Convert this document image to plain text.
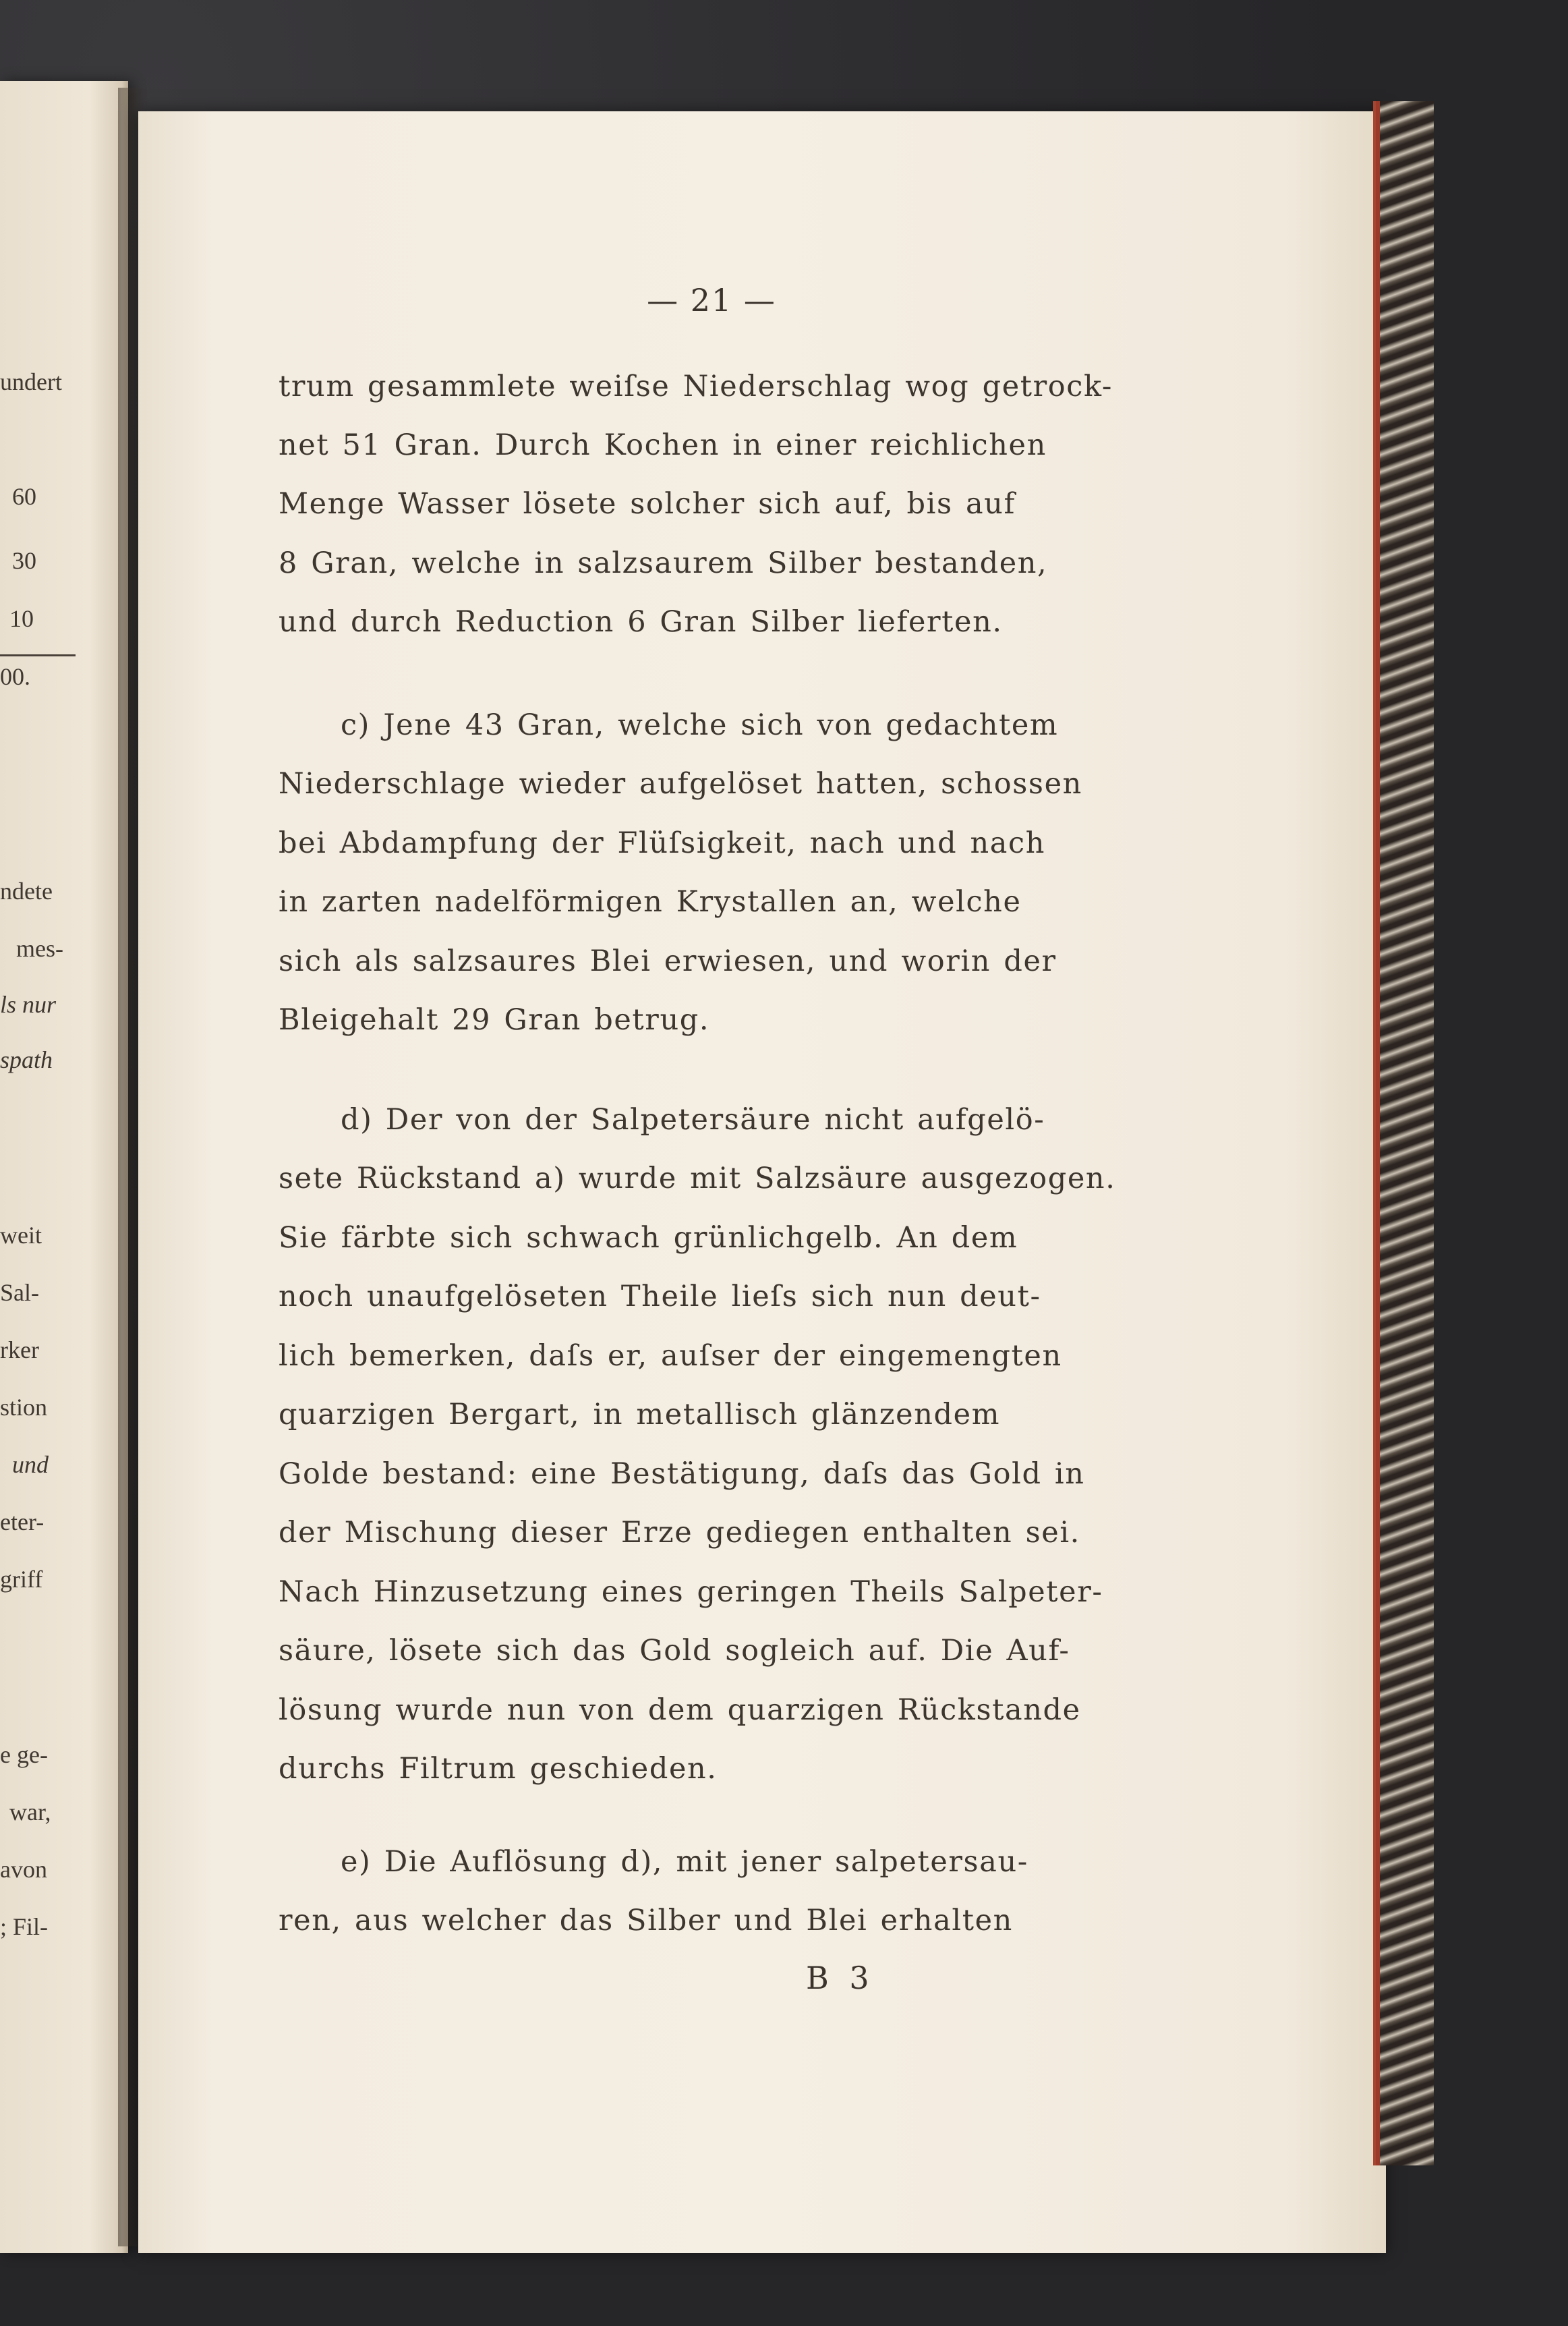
undert
60
30
10
00.
ndete
mes-
ls nur
spath
weit
Sal-
rker
stion
und
eter-
griff
e ge-
war,
avon
; Fil-
— 21 —
trum gesammlete weiſse Niederschlag wog getrock-
net 51 Gran. Durch Kochen in einer reichlichen
Menge Wasser lösete solcher sich auf, bis auf
8 Gran, welche in salzsaurem Silber bestanden,
und durch Reduction 6 Gran Silber lieferten.
c) Jene 43 Gran, welche sich von gedachtem
Niederschlage wieder aufgelöset hatten, schossen
bei Abdampfung der Flüſsigkeit, nach und nach
in zarten nadelförmigen Krystallen an, welche
sich als salzsaures Blei erwiesen, und worin der
Bleigehalt 29 Gran betrug.
d) Der von der Salpetersäure nicht aufgelö-
sete Rückstand a) wurde mit Salzsäure ausgezogen.
Sie färbte sich schwach grünlichgelb. An dem
noch unaufgelöseten Theile lieſs sich nun deut-
lich bemerken, daſs er, auſser der eingemengten
quarzigen Bergart, in metallisch glänzendem
Golde bestand: eine Bestätigung, daſs das Gold in
der Mischung dieser Erze gediegen enthalten sei.
Nach Hinzusetzung eines geringen Theils Salpeter-
säure, lösete sich das Gold sogleich auf. Die Auf-
lösung wurde nun von dem quarzigen Rückstande
durchs Filtrum geschieden.
e) Die Auflösung d), mit jener salpetersau-
ren, aus welcher das Silber und Blei erhalten
B 3
